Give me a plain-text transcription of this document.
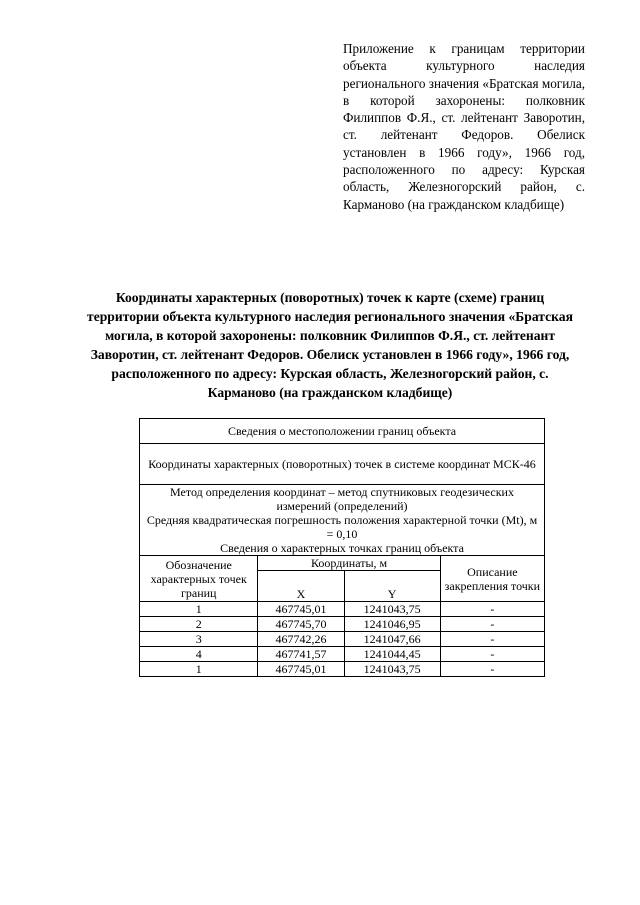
Приложение к границам территории объекта культурного наследия регионального значения «Братская могила, в которой захоронены: полковник Филиппов Ф.Я., ст. лейтенант Заворотин, ст. лейтенант Федоров. Обелиск установлен в 1966 году», 1966 год, расположенного по адресу: Курская область, Железногорский район, с. Карманово (на гражданском кладбище)
Координаты характерных (поворотных) точек к карте (схеме) границ территории объекта культурного наследия регионального значения «Братская могила, в которой захоронены: полковник Филиппов Ф.Я., ст. лейтенант Заворотин, ст. лейтенант Федоров. Обелиск установлен в 1966 году», 1966 год, расположенного по адресу: Курская область, Железногорский район, с. Карманово (на гражданском кладбище)
Сведения о местоположении границ объекта			
Координаты характерных (поворотных) точек в системе координат МСК-46			

Метод определения координат – метод спутниковых геодезических измерений (определений)
Средняя квадратическая погрешность положения характерной точки (Mt), м = 0,10
Сведения о характерных точках границ объекта			

Обозначение характерных точек границ	Координаты, м		Описание закрепления точки
	X	Y	
1	467745,01	1241043,75	-
2	467745,70	1241046,95	-
3	467742,26	1241047,66	-
4	467741,57	1241044,45	-
1	467745,01	1241043,75	-
